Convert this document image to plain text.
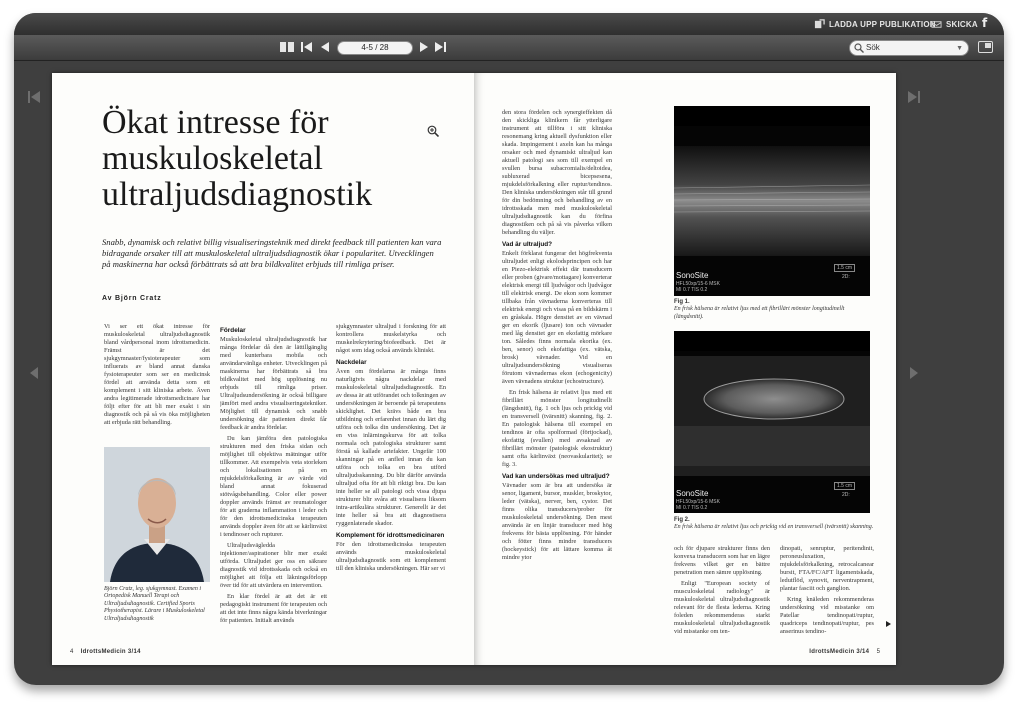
LADDA UPP PUBLIKATION SKICKA f
4-5 / 28	Sök	▼
Ökat intresse för muskuloskeletal ultraljudsdiagnostik
Snabb, dynamisk och relativt billig visualiseringsteknik med direkt feedback till patienten kan vara bidragande orsaker till att muskuloskeletal ultraljudsdiagnostik ökar i popularitet. Utvecklingen på maskinerna har också förbättrats så att bra bildkvalitet erbjuds till rimliga priser.
Av Björn Cratz

Vi ser ett ökat intresse för muskuloskeletal ultraljudsdiagnostik bland vårdpersonal inom idrottsmedicin. Främst är det sjukgymnaster/fysioterapeuter som influerats av bland annat danska fysioterapeuter som ser en medicinsk fördel att använda detta som ett komplement i sitt kliniska arbete. Även andra legitimerade idrottsmedicinare har följt efter för att bli mer exakt i sin diagnostik och på så vis öka möjligheten att erbjuda rätt behandling.

Björn Cratz, leg. sjukgymnast. Examen i Ortopedisk Manuell Terapi och Ultraljudsdiagnostik. Certified Sports Physiotherapist. Lärare i Muskuloskeletal Ultraljudsdiagnostik
Fördelar

Muskuloskeletal ultraljudsdiagnostik har många fördelar då den är lättillgänglig med kunterbara mobila och användarvänliga enheter. Utvecklingen på maskinerna har förbättrats så bra bildkvalitet med hög upplösning nu erbjuds till rimliga priser. Ultraljudsundersökning är också billigare jämfört med andra visualiseringstekniker. Möjlighet till dynamisk och snabb undersökning där patienten direkt får feedback är andra fördelar.

Du kan jämföra den patologiska strukturen med den friska sidan och möjlighet till objektiva mätningar utför tillkommer. Att exempelvis veta storleken och lokalisationen på en mjukdelsförkalkning är av värde vid bland annat fokuserad stötvågsbehandling. Color eller power doppler används främst av reumatologer för att graderna inflammation i leder och för den idrottsmedicinska terapeuten används doppler även för att se kärlinväxt i tendinoser och rupturer.

Ultraljudsvägledda injektioner/aspirationer blir mer exakt utförda. Ultraljudet ger oss en säkrare diagnostik vid idrottsskada och också en möjlighet att följa ett läkningsförlopp över tid för att utvärdera en intervention.

En klar fördel är att det är ett pedagogiskt instrument för terapeuten och att det inte finns några kända biverkningar för patienten. Initialt används

sjukgymnaster ultraljud i forskning för att kontrollera muskelstyrka och muskelrekrytering/biofeedback. Det är något som idag också används kliniskt.

Nackdelar

Även om fördelarna är många finns naturligtvis några nackdelar med muskuloskeletal ultraljudsdiagnostik. En av dessa är att utförandet och tolkningen av undersökningen är beroende på terapeutens skicklighet. Det krävs både en bra utbildning och erfarenhet innan du lärt dig utföra och tolka din undersökning. Det är en viss inlärningskurva för att tolka normala och patologiska strukturer samt förstå så kallade artefakter. Ungefär 100 skanningar på en anfled innan du kan utföra och tolka en bra utförd ultraljudsskanning. Du blir därför använda ultraljud ofta för att bli riktigt bra. Du kan inte heller se all patologi och vissa djupa strukturer blir svåra att visualisera liksom intra-artikulära strukturer. Generellt är det inte heller så bra att diagnostisera ryggenlaterade skador.

Komplement för idrottsmedicinaren

För den idrottsmedicinska terapeuten används muskuloskeletal ultraljudsdiagnostik som ett komplement till den kliniska undersökningen. Här ser vi

4 IdrottsMedicin 3/14

den stora fördelen och synergieffekten då den skickliga klinikern får ytterligare instrument att tillföra i sitt kliniska resonemang kring aktuell dysfunktion eller skada. Impingement i axeln kan ha många orsaker och med dynamiskt ultraljud kan aktuell patologi ses som till exempel en svullen bursa subacromialis/deltoidea, subluxerad bicepsesena, mjukdelsförkalkning eller ruptur/tendinos. Den kliniska undersökningen står till grund för din bedömning och behandling av en idrottsskada men med muskuloskeletal ultraljudsdiagnostik kan du förfina diagnostiken och på så vis påverka vilken behandling du väljer.

Vad är ultraljud?

Enkelt förklarat fungerar det högfrekventa ultraljudet enligt ekolodsprincipen och har en Piezo-elektrisk effekt där transducern eller proben (givare/mottagare) konverterar elektrisk energi till ljudvågor och ljudvågor till elektrisk energi. De ekon som kommer tillbaka från vävnaderna konverteras till elektrisk energi och visas på en bildskärm i en gråskala. Högre densitet av en vävnad ger en ekorik (ljusare) ton och vävnader med låg densitet ger en ekofattig mörkare ton. Således finns normala ekorika (ex. ben, senor) och ekofattiga (ex. vätska, brosk) vävnader. Vid en ultraljudsundersökning visualiseras förutom vävnadernas ekon (echogenicity) även vävnadens struktur (echostructure).

En frisk hälsena är relativt ljus med ett fibrillärt mönster longitudinellt (längdsnitt), fig. 1 och ljus och prickig vid en transversell (tvärsnitt) skanning, fig. 2. En patologisk hälsena till exempel en tendinos är ofta spolformad (förtjockad), ekofattig (svullen) med avsaknad av fibrillärt mönster (patologisk ekostruktur) samt ofta kärlinväxt (neovaskularitet); se fig. 3.

Vad kan undersökas med ultraljud?

Vävnader som är bra att undersöka är senor, ligament, bursor, muskler, broskytor, leder (vätska), nerver, ben, cystor. Det finns olika transducers/prober för muskuloskeletal undersökning. Den mest använda är en linjär transducer med hög frekvens för bästa upplösning. För händer och fötter finns mindre transducers (hockeystick) för att lättare komma åt mindre ytor

SonoSite
HFL50xp/15-6 MSK
MI 0.7 TIS 0.2
1.5 cm
2D:
Fig 1.
En frisk hälsena är relativt ljus med ett fibrillärt mönster longitudinellt (längdsnitt).
SonoSite
HFL50xp/15-6 MSK
MI 0.7 TIS 0.2
1.5 cm
2D:
Fig 2.
En frisk hälsena är relativt ljus och prickig vid en transversell (tvärsnitt) skanning.

och för djupare strukturer finns den konvexa transducern som har en lägre frekvens vilket ger en bättre penetration men sämre upplösning.

Enligt "European society of musculoskeletal radiology" är muskuloskeletal ultraljudsdiagnostik relevant för de flesta lederna. Kring foleden rekommenderas starkt muskuloskeletal ultraljudsdiagnostik vid misstanke om ten-

dinopati, senruptur, peritendinit, peroneusluxation, mjukdelsförkalkning, retrocalcanear bursit, FTA/FC/AFT ligamentskada, ledutflöd, synovit, nerventrapment, plantar fasciit och ganglion.

Kring knäleden rekommenderas undersökning vid misstanke om Patellar tendinopati/ruptur, quadriceps tendinopati/ruptur, pes anserinus tendino-

IdrottsMedicin 3/14 5
